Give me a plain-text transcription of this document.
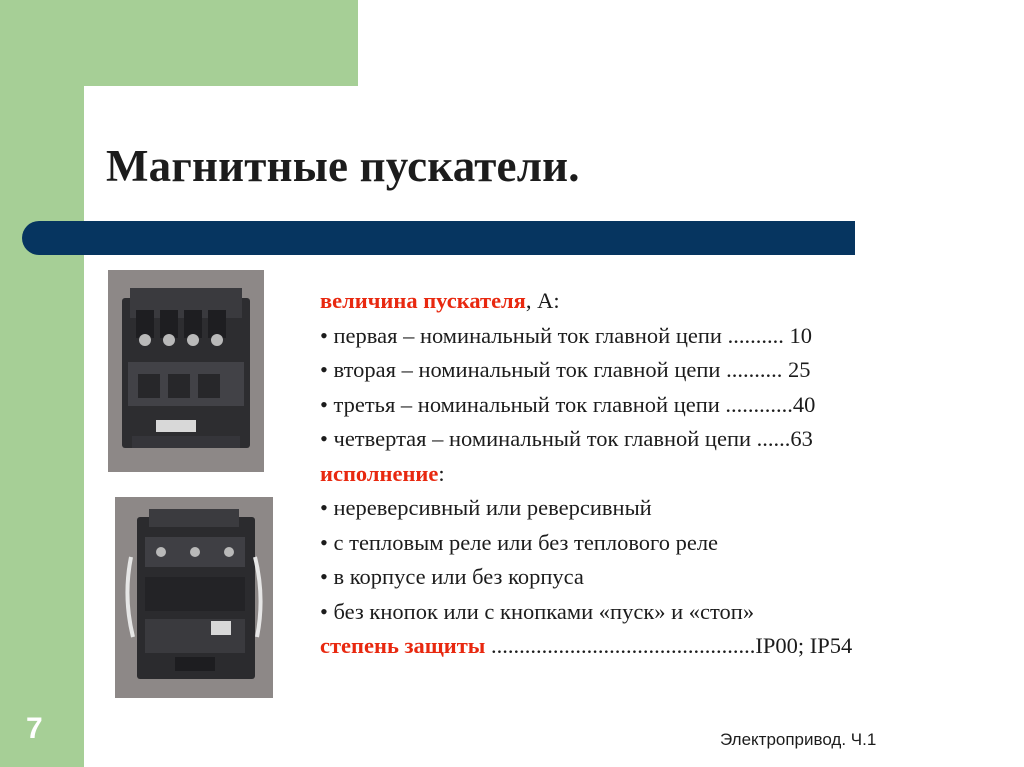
Магнитные пускатели.
величина пускателя, А:
• первая – номинальный ток главной цепи .......... 10
• вторая – номинальный ток главной цепи .......... 25
• третья – номинальный ток главной цепи ............40
• четвертая – номинальный ток главной цепи ......63
исполнение:
• нереверсивный или реверсивный
• с тепловым реле или без теплового реле
• в корпусе или без корпуса
• без кнопок или с кнопками «пуск» и «стоп»
степень защиты ...............................................IP00; IP54
7	Электропривод. Ч.1
